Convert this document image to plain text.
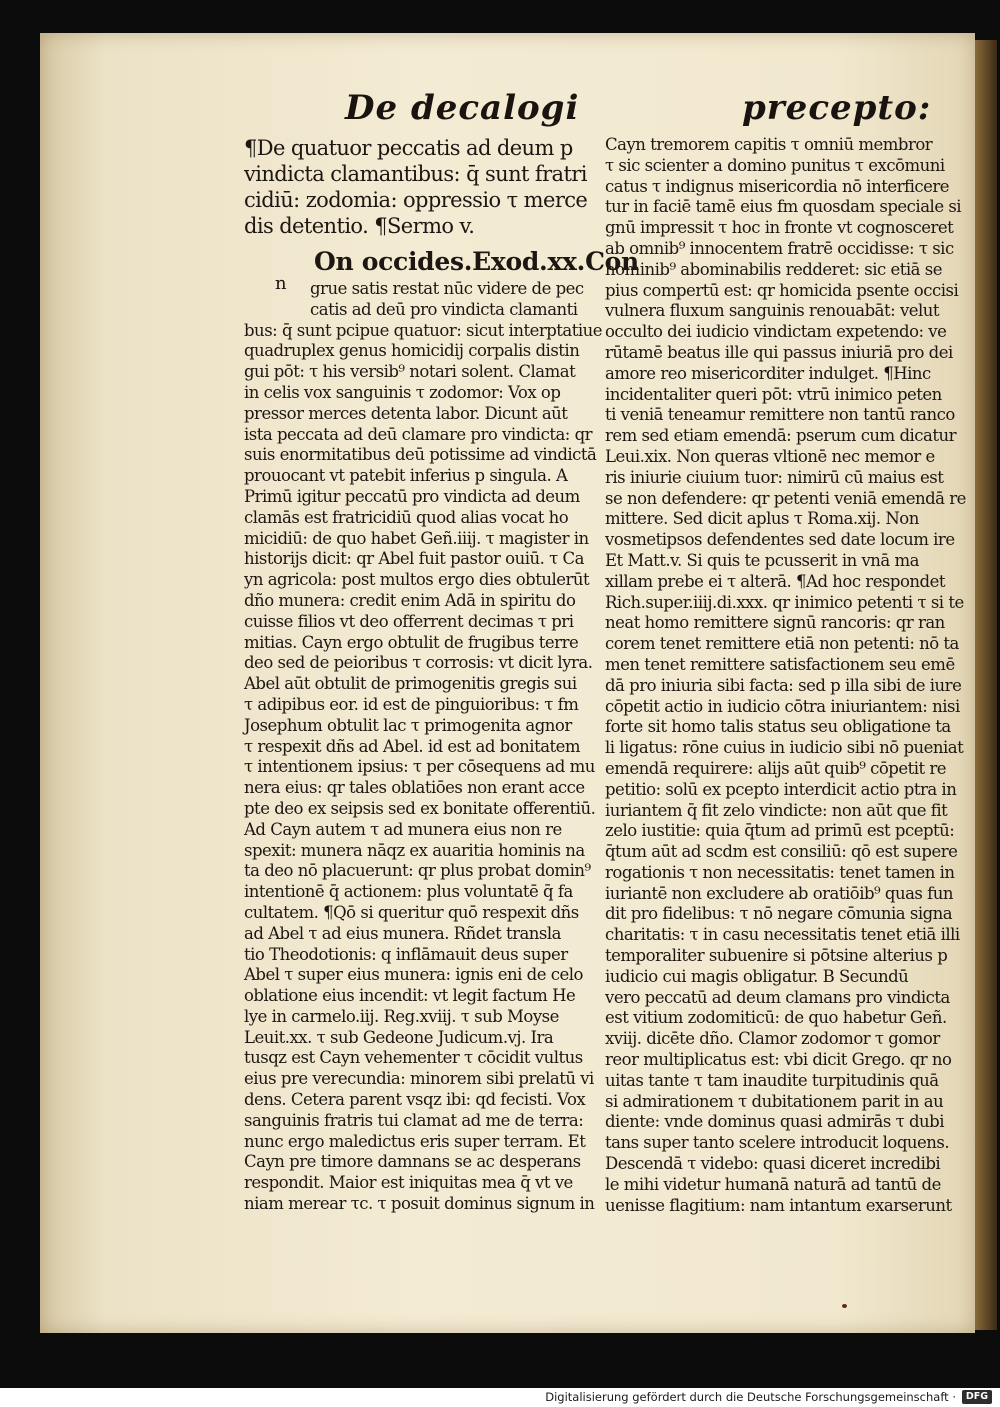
De decalogi	precepto:
¶De quatuor peccatis ad deum p
vindicta clamantibus: q̄ sunt fratri
cidiū: zodomia: oppressio τ merce
dis detentio. ¶Sermo v.
On occides.Exod.xx.Con
grue satis restat nūc videre de pec
catis ad deū pro vindicta clamanti
bus: q̄ sunt pcipue quatuor: sicut interptatiue
quadruplex genus homicidij corpalis distin
gui pōt: τ his versib⁹ notari solent. Clamat
in celis vox sanguinis τ zodomor: Vox op
pressor merces detenta labor. Dicunt aūt
ista peccata ad deū clamare pro vindicta: qr
suis enormitatibus deū potissime ad vindictā
prouocant vt patebit inferius p singula. A
Primū igitur peccatū pro vindicta ad deum
clamās est fratricidiū quod alias vocat ho
micidiū: de quo habet Geñ.iiij. τ magister in
historijs dicit: qr Abel fuit pastor ouiū. τ Ca
yn agricola: post multos ergo dies obtulerūt
dño munera: credit enim Adā in spiritu do
cuisse filios vt deo offerrent decimas τ pri
mitias. Cayn ergo obtulit de frugibus terre
deo sed de peioribus τ corrosis: vt dicit lyra.
Abel aūt obtulit de primogenitis gregis sui
τ adipibus eor. id est de pinguioribus: τ fm
Josephum obtulit lac τ primogenita agnor
τ respexit dñs ad Abel. id est ad bonitatem
τ intentionem ipsius: τ per cōsequens ad mu
nera eius: qr tales oblatiōes non erant acce
pte deo ex seipsis sed ex bonitate offerentiū.
Ad Cayn autem τ ad munera eius non re
spexit: munera nāqz ex auaritia hominis na
ta deo nō placuerunt: qr plus probat domin⁹
intentionē q̄ actionem: plus voluntatē q̄ fa
cultatem. ¶Qō si queritur quō respexit dñs
ad Abel τ ad eius munera. Rñdet transla
tio Theodotionis: q inflāmauit deus super
Abel τ super eius munera: ignis eni de celo
oblatione eius incendit: vt legit factum He
lye in carmelo.iij. Reg.xviij. τ sub Moyse
Leuit.xx. τ sub Gedeone Judicum.vj. Ira
tusqz est Cayn vehementer τ cōcidit vultus
eius pre verecundia: minorem sibi prelatū vi
dens. Cetera parent vsqz ibi: qd fecisti. Vox
sanguinis fratris tui clamat ad me de terra:
nunc ergo maledictus eris super terram. Et
Cayn pre timore damnans se ac desperans
respondit. Maior est iniquitas mea q̄ vt ve
niam merear τc. τ posuit dominus signum in
n
Cayn tremorem capitis τ omniū membror
τ sic scienter a domino punitus τ excōmuni
catus τ indignus misericordia nō interficere
tur in faciē tamē eius fm quosdam speciale si
gnū impressit τ hoc in fronte vt cognosceret
ab omnib⁹ innocentem fratrē occidisse: τ sic
hominib⁹ abominabilis redderet: sic etiā se
pius compertū est: qr homicida psente occisi
vulnera fluxum sanguinis renouabāt: velut
occulto dei iudicio vindictam expetendo: ve
rūtamē beatus ille qui passus iniuriā pro dei
amore reo misericorditer indulget. ¶Hinc
incidentaliter queri pōt: vtrū inimico peten
ti veniā teneamur remittere non tantū ranco
rem sed etiam emendā: pserum cum dicatur
Leui.xix. Non queras vltionē nec memor e
ris iniurie ciuium tuor: nimirū cū maius est
se non defendere: qr petenti veniā emendā re
mittere. Sed dicit aplus τ Roma.xij. Non
vosmetipsos defendentes sed date locum ire
Et Matt.v. Si quis te pcusserit in vnā ma
xillam prebe ei τ alterā. ¶Ad hoc respondet
Rich.super.iiij.di.xxx. qr inimico petenti τ si te
neat homo remittere signū rancoris: qr ran
corem tenet remittere etiā non petenti: nō ta
men tenet remittere satisfactionem seu emē
dā pro iniuria sibi facta: sed p illa sibi de iure
cōpetit actio in iudicio cōtra iniuriantem: nisi
forte sit homo talis status seu obligatione ta
li ligatus: rōne cuius in iudicio sibi nō pueniat
emendā requirere: alijs aūt quib⁹ cōpetit re
petitio: solū ex pcepto interdicit actio ptra in
iuriantem q̄ fit zelo vindicte: non aūt que fit
zelo iustitie: quia q̄tum ad primū est pceptū:
q̄tum aūt ad scdm est consiliū: qō est supere
rogationis τ non necessitatis: tenet tamen in
iuriantē non excludere ab oratiōib⁹ quas fun
dit pro fidelibus: τ nō negare cōmunia signa
charitatis: τ in casu necessitatis tenet etiā illi
temporaliter subuenire si pōtsine alterius p
iudicio cui magis obligatur. B Secundū
vero peccatū ad deum clamans pro vindicta
est vitium zodomiticū: de quo habetur Geñ.
xviij. dicēte dño. Clamor zodomor τ gomor
reor multiplicatus est: vbi dicit Grego. qr no
uitas tante τ tam inaudite turpitudinis quā
si admirationem τ dubitationem parit in au
diente: vnde dominus quasi admirās τ dubi
tans super tanto scelere introducit loquens.
Descendā τ videbo: quasi diceret incredibi
le mihi videtur humanā naturā ad tantū de
uenisse flagitium: nam intantum exarserunt
Digitalisierung gefördert durch die Deutsche Forschungsgemeinschaft ·	DFG
